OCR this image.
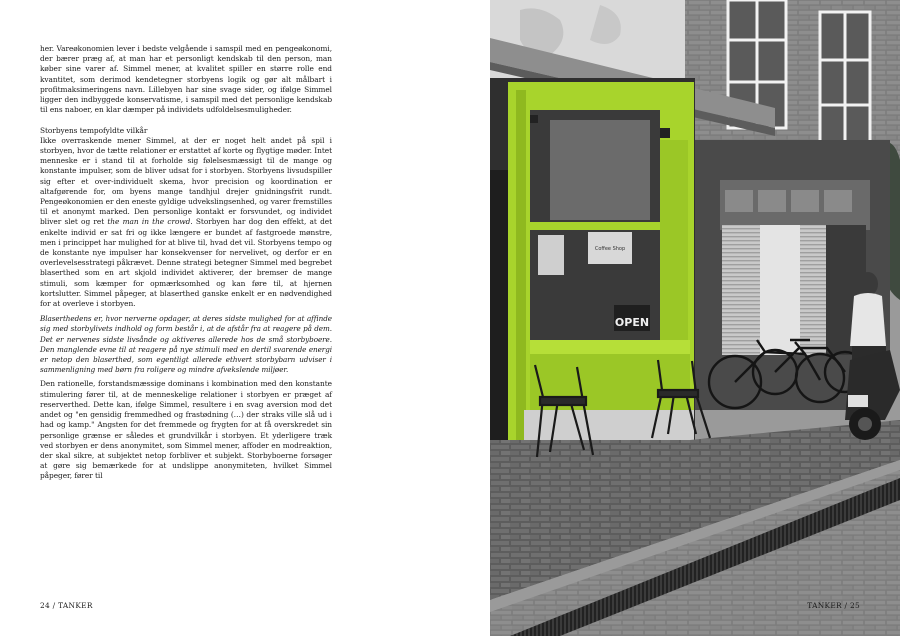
her. Vareøkonomien lever i bedste velgående i samspil med en pengeøkonomi, der bærer præg af, at man har et personligt kendskab til den person, man køber sine varer af. Simmel mener, at kvalitet spiller en større rolle end kvantitet, som derimod kendetegner storbyens logik og gør alt målbart i profitmaksimeringens navn. Lillebyen har sine svage sider, og ifølge Simmel ligger den indbyggede konservatisme, i samspil med det personlige kendskab til ens naboer, en klar dæmper på individets udfoldelsesmuligheder.

Storbyens tempofyldte vilkår

Ikke overraskende mener Simmel, at der er noget helt andet på spil i storbyen, hvor de tætte relationer er erstattet af korte og flygtige møder. Intet menneske er i stand til at forholde sig følelsesmæssigt til de mange og konstante impulser, som de bliver udsat for i storbyen. Storbyens livsudspiller sig efter et over-individuelt skema, hvor precision og koordination er altafgørende for, om byens mange tandhjul drejer gnidningsfrit rundt. Pengeøkonomien er den eneste gyldige udvekslingsenhed, og varer fremstilles til et anonymt marked. Den personlige kontakt er forsvundet, og individet bliver slet og ret the man in the crowd. Storbyen har dog den effekt, at det enkelte individ er sat fri og ikke længere er bundet af fastgroede mønstre, men i princippet har mulighed for at blive til, hvad det vil. Storbyens tempo og de konstante nye impulser har konsekvenser for nervelivet, og derfor er en overlevelsesstrategi påkrævet. Denne strategi betegner Simmel med begrebet blaserthed som en art skjold individet aktiverer, der bremser de mange stimuli, som kæmper for opmærksomhed og kan føre til, at hjernen kortslutter. Simmel påpeger, at blaserthed ganske enkelt er en nødvendighed for at overleve i storbyen.

Blaserthedens er, hvor nerverne opdager, at deres sidste mulighed for at affinde sig med storbylivets indhold og form består i, at de afstår fra at reagere på dem. Det er nervenes sidste livsånde og aktiveres allerede hos de små storbyboere. Den manglende evne til at reagere på nye stimuli med en dertil svarende energi er netop den blaserthed, som egentligt allerede ethvert storbybarn udviser i sammenligning med børn fra roligere og mindre afvekslende miljøer.

Den rationelle, forstandsmæssige dominans i kombination med den konstante stimulering fører til, at de menneskelige relationer i storbyen er præget af reserverthed. Dette kan, ifølge Simmel, resultere i en svag aversion mod det andet og "en gensidig fremmedhed og frastødning (…) der straks ville slå ud i had og kamp." Angsten for det fremmede og frygten for at få overskredet sin personlige grænse er således et grundvilkår i storbyen. Et yderligere træk ved storbyen er dens anonymitet, som Simmel mener, affoder en modreaktion, der skal sikre, at subjektet netop forbliver et subjekt. Storbyboerne forsøger at gøre sig bemærkede for at undslippe anonymiteten, hvilket Simmel påpeger, fører til

24 / TANKER
Coffee Shop
OPEN
TANKER / 25
